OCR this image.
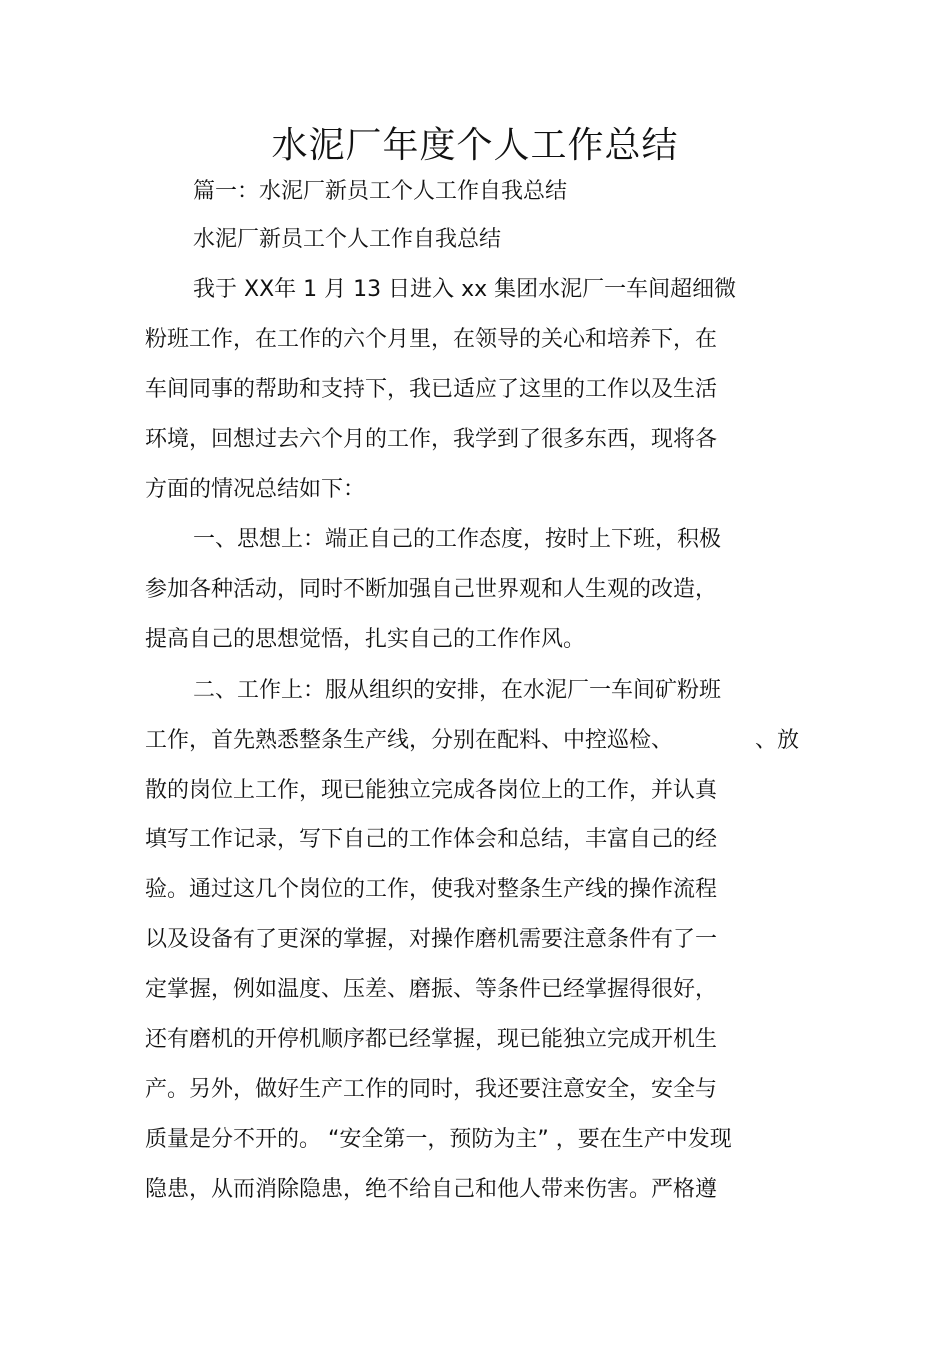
水泥厂年度个人工作总结
篇一：水泥厂新员工个人工作自我总结
水泥厂新员工个人工作自我总结
我于 XX年 1 月 13 日进入 xx 集团水泥厂一车间超细微
粉班工作，在工作的六个月里，在领导的关心和培养下，在
车间同事的帮助和支持下，我已适应了这里的工作以及生活
环境，回想过去六个月的工作，我学到了很多东西，现将各
方面的情况总结如下：
一、思想上：端正自己的工作态度，按时上下班，积极
参加各种活动，同时不断加强自己世界观和人生观的改造，
提高自己的思想觉悟，扎实自己的工作作风。
二、工作上：服从组织的安排，在水泥厂一车间矿粉班
工作，首先熟悉整条生产线，分别在配料、中控巡检、	、放
散的岗位上工作，现已能独立完成各岗位上的工作，并认真
填写工作记录，写下自己的工作体会和总结，丰富自己的经
验。通过这几个岗位的工作，使我对整条生产线的操作流程
以及设备有了更深的掌握，对操作磨机需要注意条件有了一
定掌握，例如温度、压差、磨振、等条件已经掌握得很好，
还有磨机的开停机顺序都已经掌握，现已能独立完成开机生
产。另外，做好生产工作的同时，我还要注意安全，安全与
质量是分不开的。 “安全第一，预防为主” ，要在生产中发现
隐患，从而消除隐患，绝不给自己和他人带来伤害。严格遵
